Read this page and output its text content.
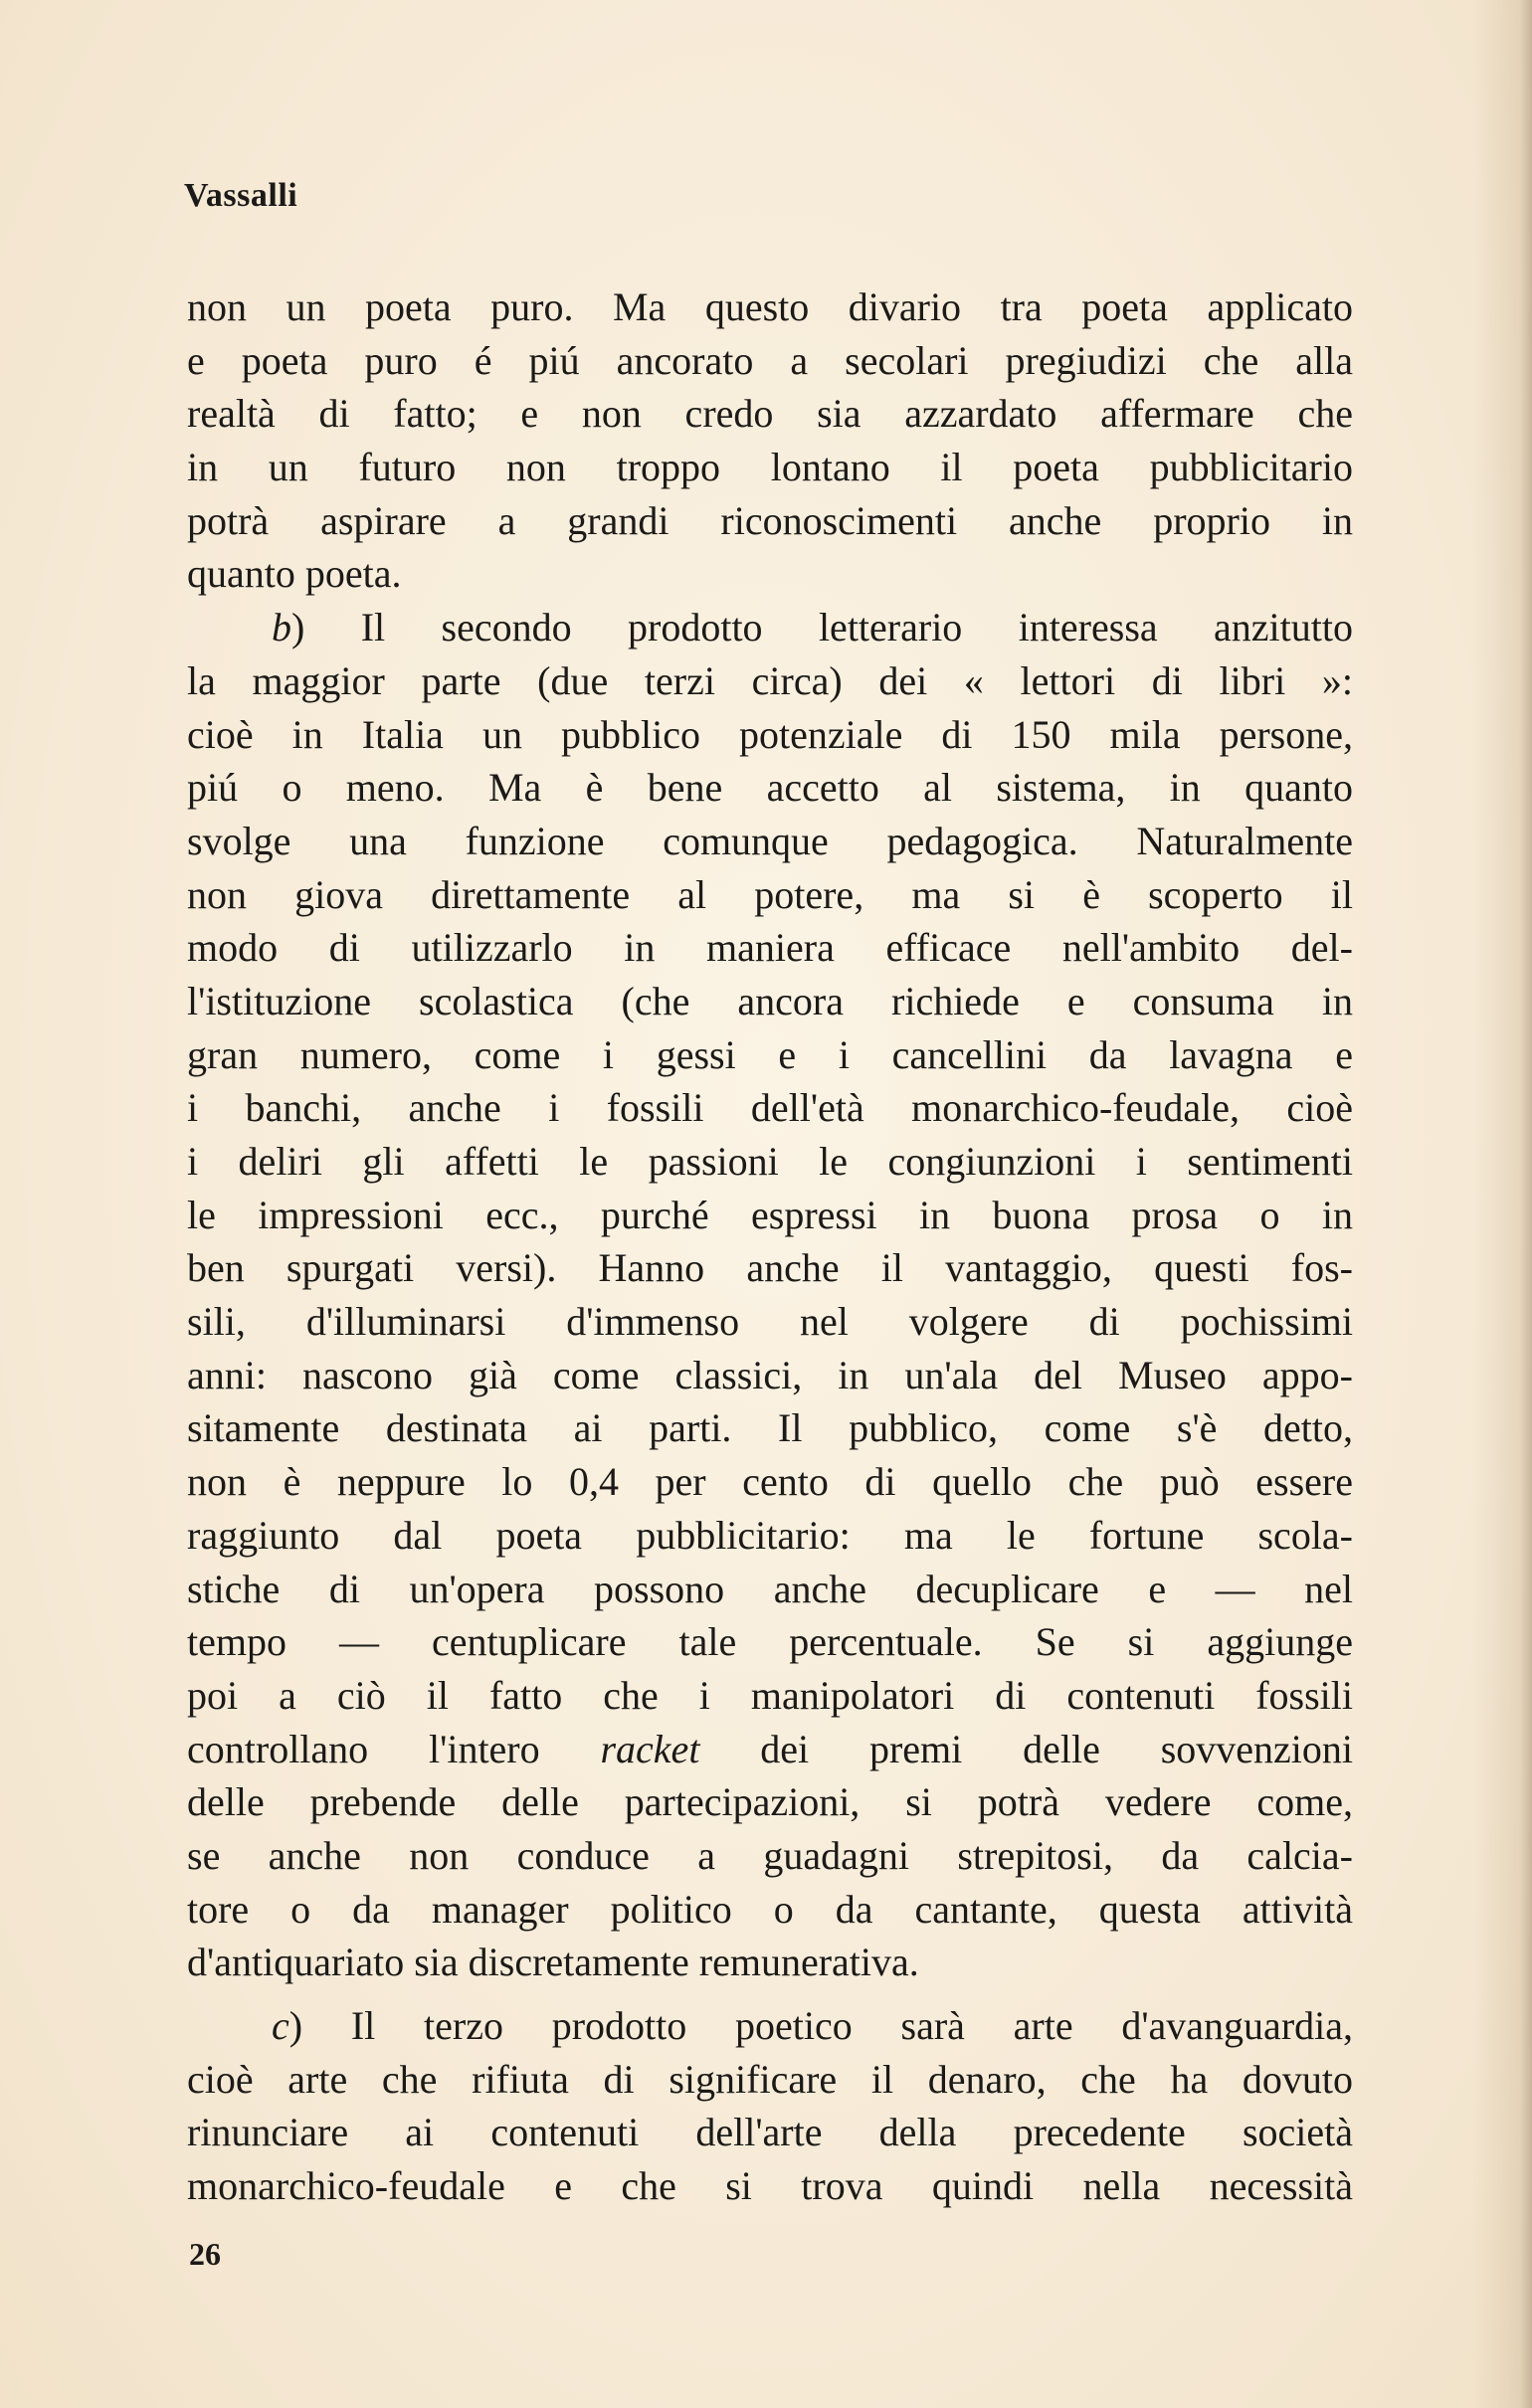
Vassalli
non un poeta puro. Ma questo divario tra poeta applicato
e poeta puro é piú ancorato a secolari pregiudizi che alla
realtà di fatto; e non credo sia azzardato affermare che
in un futuro non troppo lontano il poeta pubblicitario
potrà aspirare a grandi riconoscimenti anche proprio in
quanto poeta.
b) Il secondo prodotto letterario interessa anzitutto
la maggior parte (due terzi circa) dei « lettori di libri »:
cioè in Italia un pubblico potenziale di 150 mila persone,
piú o meno. Ma è bene accetto al sistema, in quanto
svolge una funzione comunque pedagogica. Naturalmente
non giova direttamente al potere, ma si è scoperto il
modo di utilizzarlo in maniera efficace nell'ambito del-
l'istituzione scolastica (che ancora richiede e consuma in
gran numero, come i gessi e i cancellini da lavagna e
i banchi, anche i fossili dell'età monarchico-feudale, cioè
i deliri gli affetti le passioni le congiunzioni i sentimenti
le impressioni ecc., purché espressi in buona prosa o in
ben spurgati versi). Hanno anche il vantaggio, questi fos-
sili, d'illuminarsi d'immenso nel volgere di pochissimi
anni: nascono già come classici, in un'ala del Museo appo-
sitamente destinata ai parti. Il pubblico, come s'è detto,
non è neppure lo 0,4 per cento di quello che può essere
raggiunto dal poeta pubblicitario: ma le fortune scola-
stiche di un'opera possono anche decuplicare e — nel
tempo — centuplicare tale percentuale. Se si aggiunge
poi a ciò il fatto che i manipolatori di contenuti fossili
controllano l'intero racket dei premi delle sovvenzioni
delle prebende delle partecipazioni, si potrà vedere come,
se anche non conduce a guadagni strepitosi, da calcia-
tore o da manager politico o da cantante, questa attività
d'antiquariato sia discretamente remunerativa.
c) Il terzo prodotto poetico sarà arte d'avanguardia,
cioè arte che rifiuta di significare il denaro, che ha dovuto
rinunciare ai contenuti dell'arte della precedente società
monarchico-feudale e che si trova quindi nella necessità
26
